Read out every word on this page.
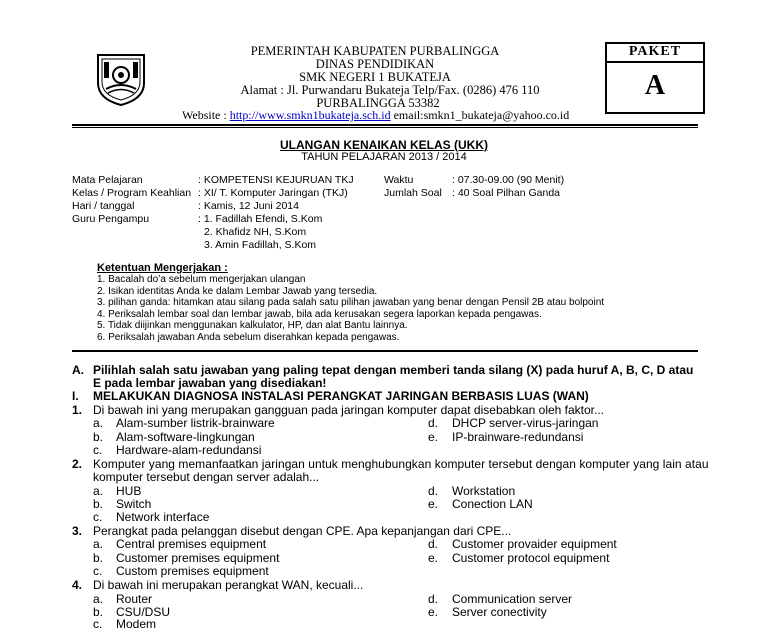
PEMERINTAH KABUPATEN PURBALINGGA
DINAS PENDIDIKAN
SMK NEGERI 1 BUKATEJA
Alamat : Jl. Purwandaru Bukateja Telp/Fax. (0286) 476 110
PURBALINGGA 53382
Website : http://www.smkn1bukateja.sch.id email:smkn1_bukateja@yahoo.co.id
PAKET
A
ULANGAN KENAIKAN KELAS (UKK)
TAHUN PELAJARAN 2013 / 2014
Mata Pelajaran	: KOMPETENSI KEJURUAN TKJ
Kelas / Program Keahlian : XI/ T. Komputer Jaringan (TKJ)
Hari / tanggal	: Kamis, 12 Juni 2014
Guru Pengampu	: 1. Fadillah Efendi, S.Kom
2. Khafidz NH, S.Kom
3. Amin Fadillah, S.Kom
Waktu	: 07.30-09.00 (90 Menit)
Jumlah Soal : 40 Soal Pilhan Ganda
Ketentuan Mengerjakan :
1. Bacalah do’a sebelum mengerjakan ulangan
2. Isikan identitas Anda ke dalam Lembar Jawab yang tersedia.
3. pilihan ganda: hitamkan atau silang pada salah satu pilihan jawaban yang benar dengan Pensil 2B atau bolpoint
4. Periksalah lembar soal dan lembar jawab, bila ada kerusakan segera laporkan kepada pengawas.
5. Tidak diijinkan menggunakan kalkulator, HP, dan alat Bantu lainnya.
6. Periksalah jawaban Anda sebelum diserahkan kepada pengawas.
A. Pilihlah salah satu jawaban yang paling tepat dengan memberi tanda silang (X) pada huruf A, B, C, D atau
E pada lembar jawaban yang disediakan!
I. MELAKUKAN DIAGNOSA INSTALASI PERANGKAT JARINGAN BERBASIS LUAS (WAN)
1. Di bawah ini yang merupakan gangguan pada jaringan komputer dapat disebabkan oleh faktor...
a. Alam-sumber listrik-brainware
b. Alam-software-lingkungan
c. Hardware-alam-redundansi
d. DHCP server-virus-jaringan
e. IP-brainware-redundansi
2. Komputer yang memanfaatkan jaringan untuk menghubungkan komputer tersebut dengan komputer yang lain atau
komputer tersebut dengan server adalah...
a. HUB
b. Switch
c. Network interface
d. Workstation
e. Conection LAN
3. Perangkat pada pelanggan disebut dengan CPE. Apa kepanjangan dari CPE...
a. Central premises equipment
b. Customer premises equipment
c. Custom premises equipment
d. Customer provaider equipment
e. Customer protocol equipment
4. Di bawah ini merupakan perangkat WAN, kecuali...
a. Router
b. CSU/DSU
c. Modem
d. Communication server
e. Server conectivity
